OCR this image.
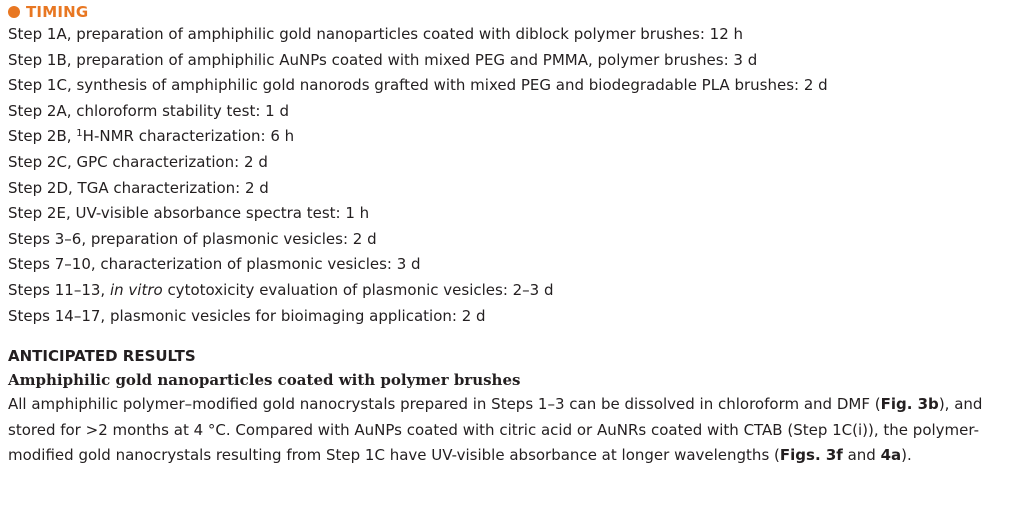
TIMING
Step 1A, preparation of amphiphilic gold nanoparticles coated with diblock polymer brushes: 12 h
Step 1B, preparation of amphiphilic AuNPs coated with mixed PEG and PMMA, polymer brushes: 3 d
Step 1C, synthesis of amphiphilic gold nanorods grafted with mixed PEG and biodegradable PLA brushes: 2 d
Step 2A, chloroform stability test: 1 d
Step 2B, $^1$H-NMR characterization: 6 h
Step 2C, GPC characterization: 2 d
Step 2D, TGA characterization: 2 d
Step 2E, UV-visible absorbance spectra test: 1 h
Steps 3–6, preparation of plasmonic vesicles: 2 d
Steps 7–10, characterization of plasmonic vesicles: 3 d
Steps 11–13, in vitro cytotoxicity evaluation of plasmonic vesicles: 2–3 d
Steps 14–17, plasmonic vesicles for bioimaging application: 2 d
ANTICIPATED RESULTS
Amphiphilic gold nanoparticles coated with polymer brushes

All amphiphilic polymer–modified gold nanocrystals prepared in Steps 1–3 can be dissolved in chloroform and DMF (Fig. 3b), and stored for >2 months at 4 °C. Compared with AuNPs coated with citric acid or AuNRs coated with CTAB (Step 1C(i)), the polymer-modified gold nanocrystals resulting from Step 1C have UV-visible absorbance at longer wavelengths (Figs. 3f and 4a).
